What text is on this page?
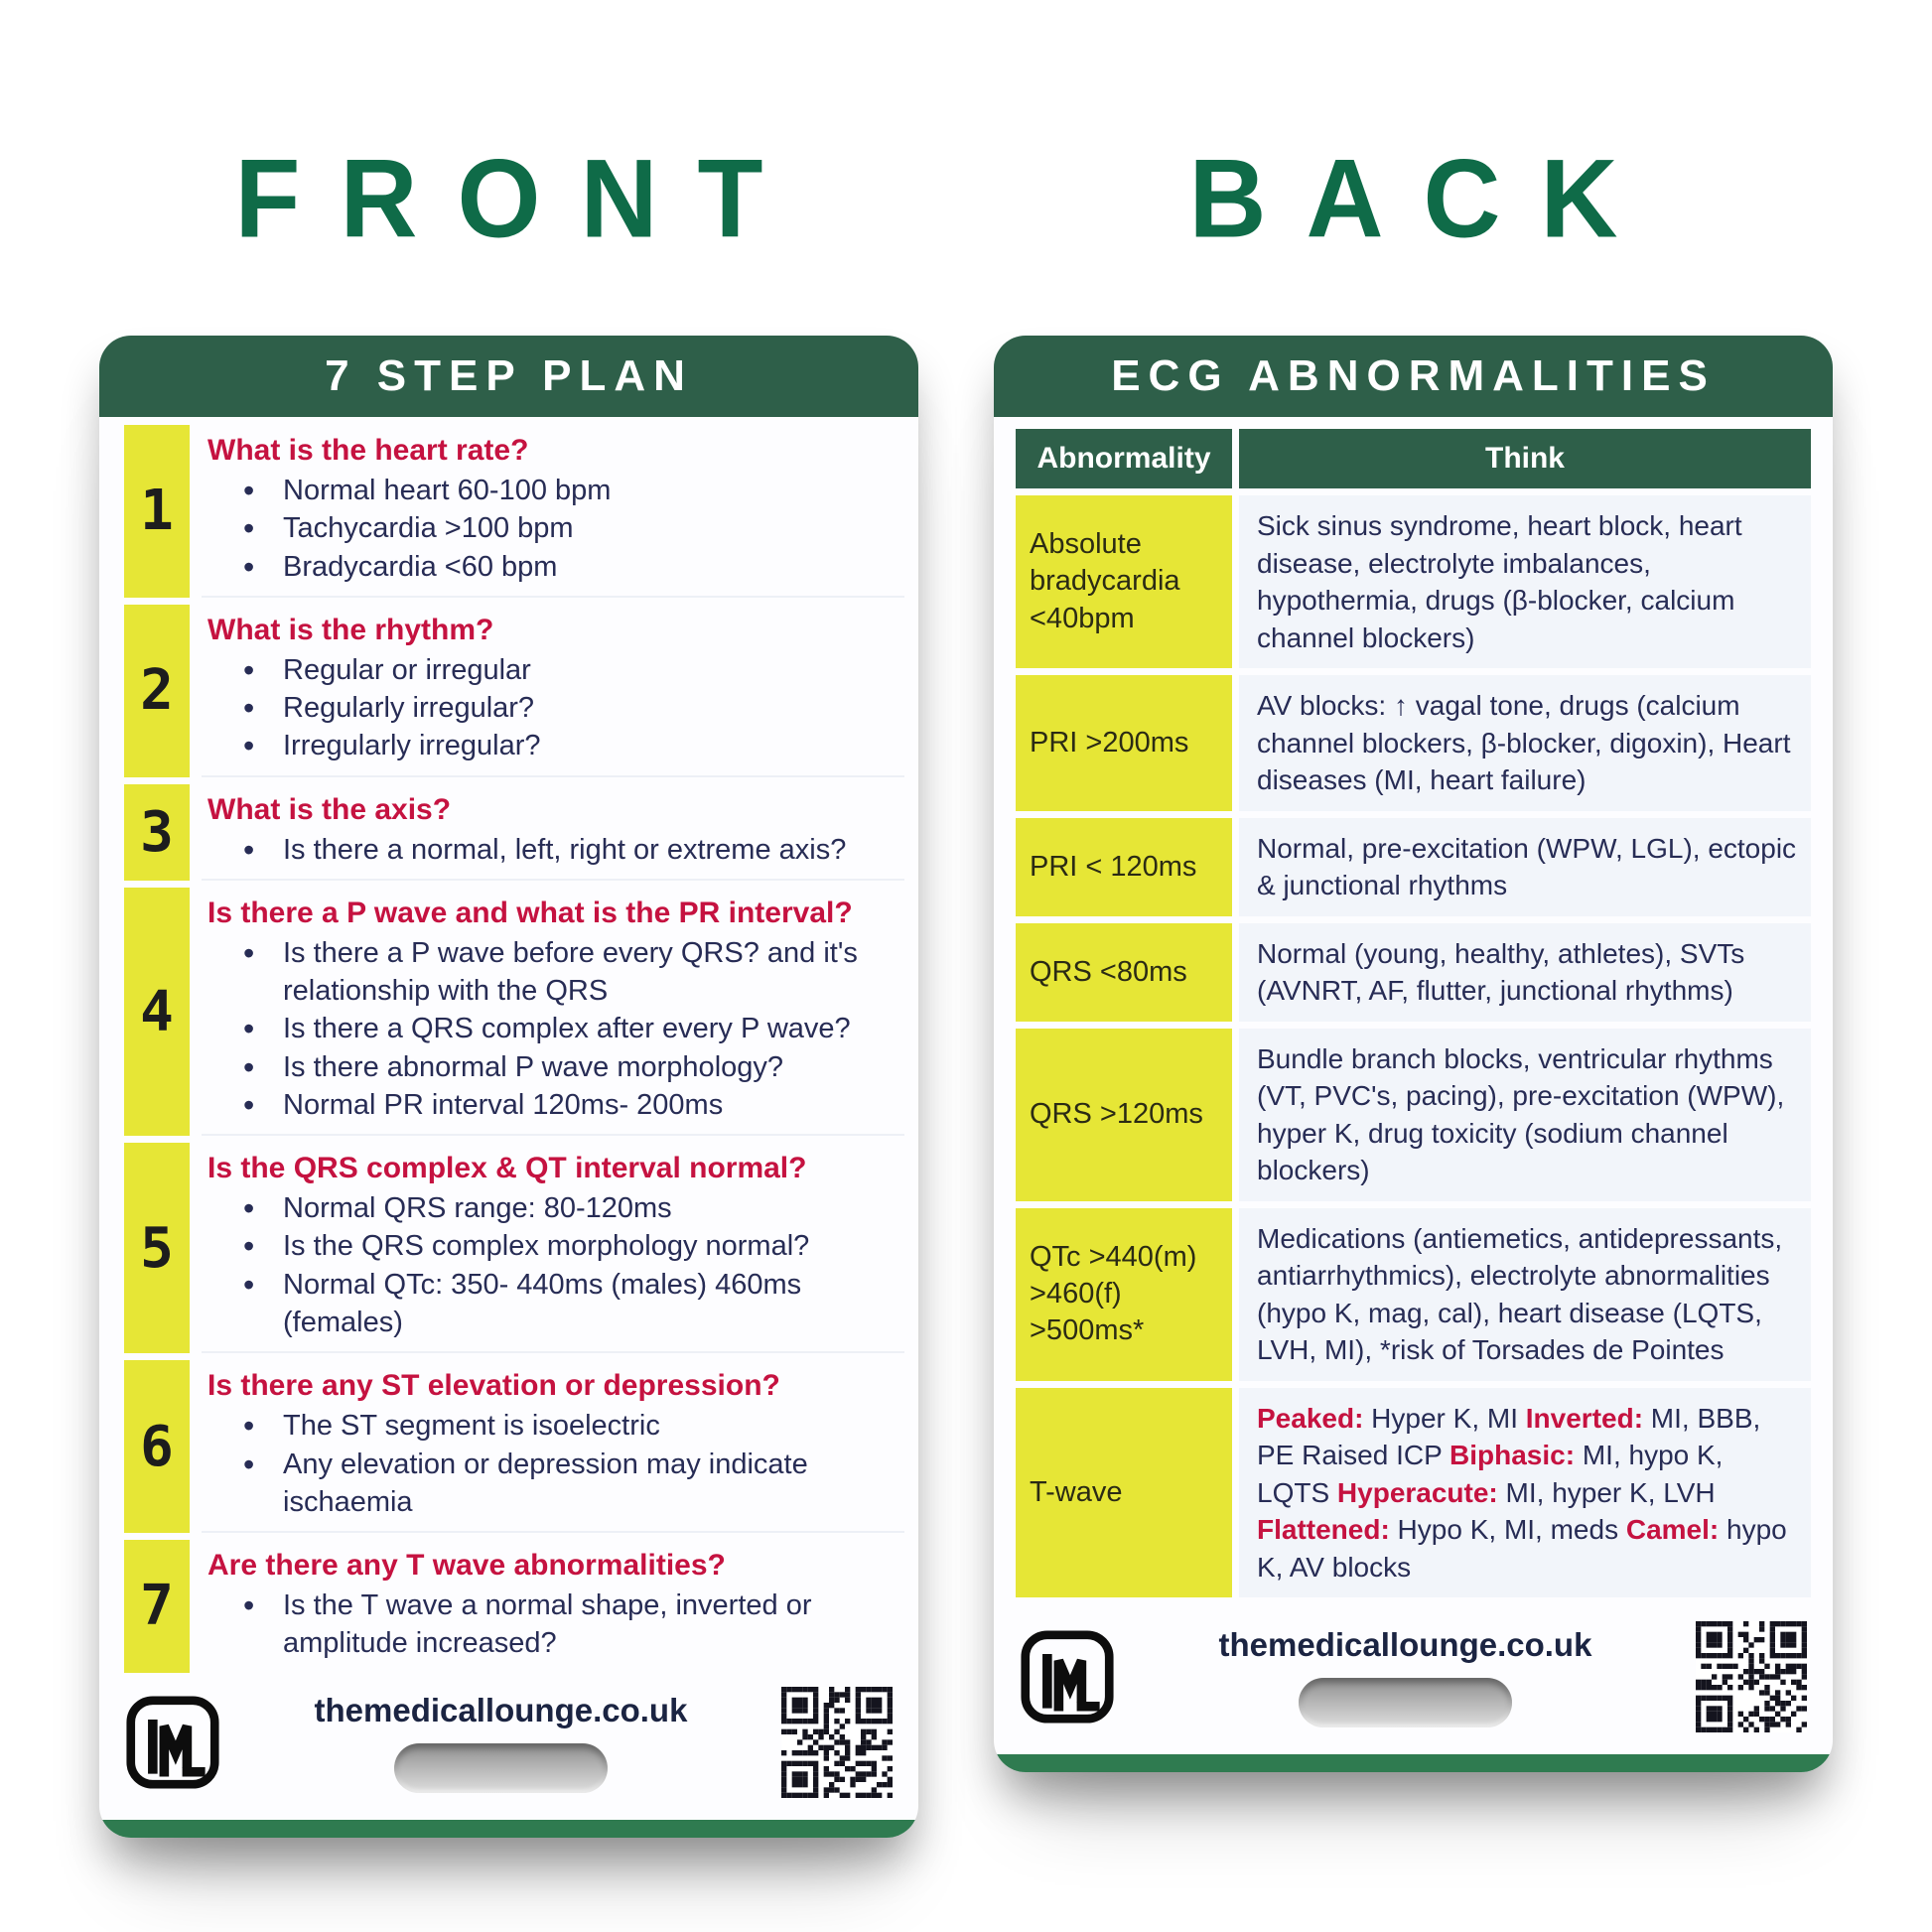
FRONT
7 STEP PLAN
1
What is the heart rate?
• Normal heart 60-100 bpm
• Tachycardia >100 bpm
• Bradycardia <60 bpm
2
What is the rhythm?
• Regular or irregular
• Regularly irregular?
• Irregularly irregular?
3	What is the axis?
• Is there a normal, left, right or extreme axis?
4
Is there a P wave and what is the PR interval?
• Is there a P wave before every QRS? and it's relationship with the QRS
• Is there a QRS complex after every P wave?
• Is there abnormal P wave morphology?
• Normal PR interval 120ms- 200ms
5
Is the QRS complex & QT interval normal?
• Normal QRS range: 80-120ms
• Is the QRS complex morphology normal?
• Normal QTc: 350- 440ms (males) 460ms (females)
6
Is there any ST elevation or depression?
• The ST segment is isoelectric
• Any elevation or depression may indicate ischaemia
7
Are there any T wave abnormalities?
• Is the T wave a normal shape, inverted or amplitude increased?
themedicallounge.co.uk
BACK
ECG ABNORMALITIES
Abnormality	Think
Absolute bradycardia <40bpm
Sick sinus syndrome, heart block, heart disease, electrolyte imbalances, hypothermia, drugs (β-blocker, calcium channel blockers)
PRI >200ms
AV blocks: ↑ vagal tone, drugs (calcium channel blockers, β-blocker, digoxin), Heart diseases (MI, heart failure)
PRI < 120ms
Normal, pre-excitation (WPW, LGL), ectopic & junctional rhythms
QRS <80ms
Normal (young, healthy, athletes), SVTs (AVNRT, AF, flutter, junctional rhythms)
QRS >120ms
Bundle branch blocks, ventricular rhythms (VT, PVC's, pacing), pre-excitation (WPW), hyper K, drug toxicity (sodium channel blockers)
QTc >440(m) >460(f) >500ms*
Medications (antiemetics, antidepressants, antiarrhythmics), electrolyte abnormalities (hypo K, mag, cal), heart disease (LQTS, LVH, MI), *risk of Torsades de Pointes
T-wave
Peaked: Hyper K, MI Inverted: MI, BBB, PE Raised ICP Biphasic: MI, hypo K, LQTS Hyperacute: MI, hyper K, LVH Flattened: Hypo K, MI, meds Camel: hypo K, AV blocks
themedicallounge.co.uk
